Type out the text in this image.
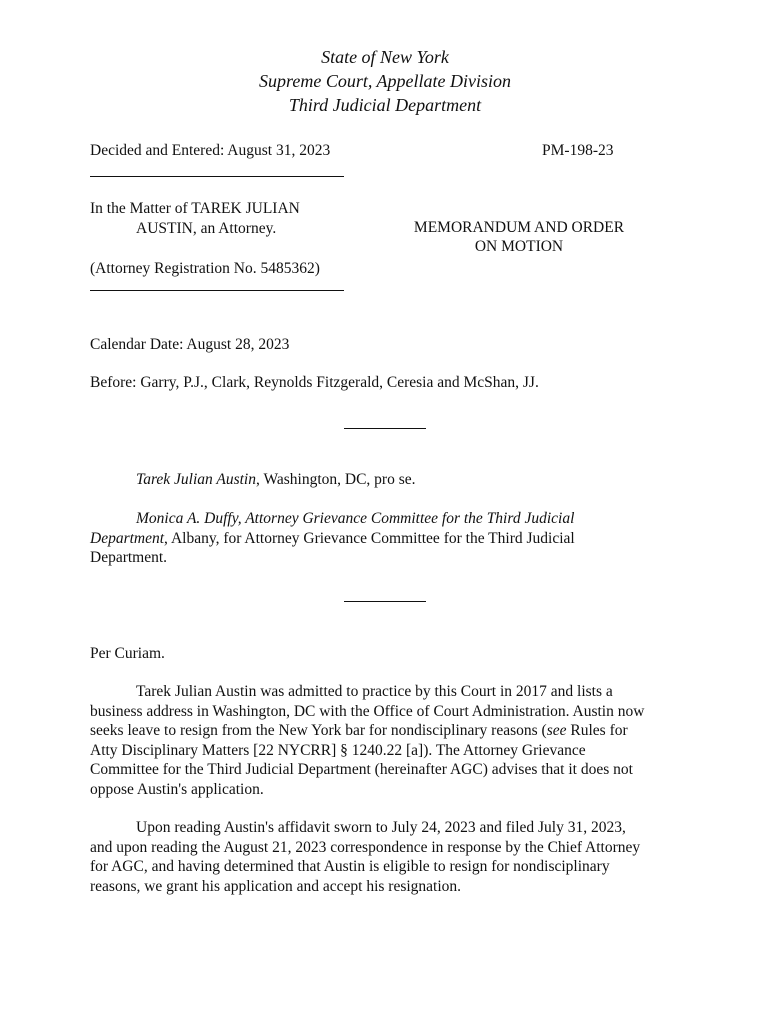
State of New York
Supreme Court, Appellate Division
Third Judicial Department
Decided and Entered: August 31, 2023	PM-198-23
In the Matter of TAREK JULIAN
AUSTIN, an Attorney.
(Attorney Registration No. 5485362)
MEMORANDUM AND ORDER
ON MOTION
Calendar Date: August 28, 2023
Before: Garry, P.J., Clark, Reynolds Fitzgerald, Ceresia and McShan, JJ.
Tarek Julian Austin, Washington, DC, pro se.
Monica A. Duffy, Attorney Grievance Committee for the Third Judicial
Department, Albany, for Attorney Grievance Committee for the Third Judicial
Department.
Per Curiam.
Tarek Julian Austin was admitted to practice by this Court in 2017 and lists a
business address in Washington, DC with the Office of Court Administration. Austin now
seeks leave to resign from the New York bar for nondisciplinary reasons (see Rules for
Atty Disciplinary Matters [22 NYCRR] § 1240.22 [a]). The Attorney Grievance
Committee for the Third Judicial Department (hereinafter AGC) advises that it does not
oppose Austin's application.
Upon reading Austin's affidavit sworn to July 24, 2023 and filed July 31, 2023,
and upon reading the August 21, 2023 correspondence in response by the Chief Attorney
for AGC, and having determined that Austin is eligible to resign for nondisciplinary
reasons, we grant his application and accept his resignation.
